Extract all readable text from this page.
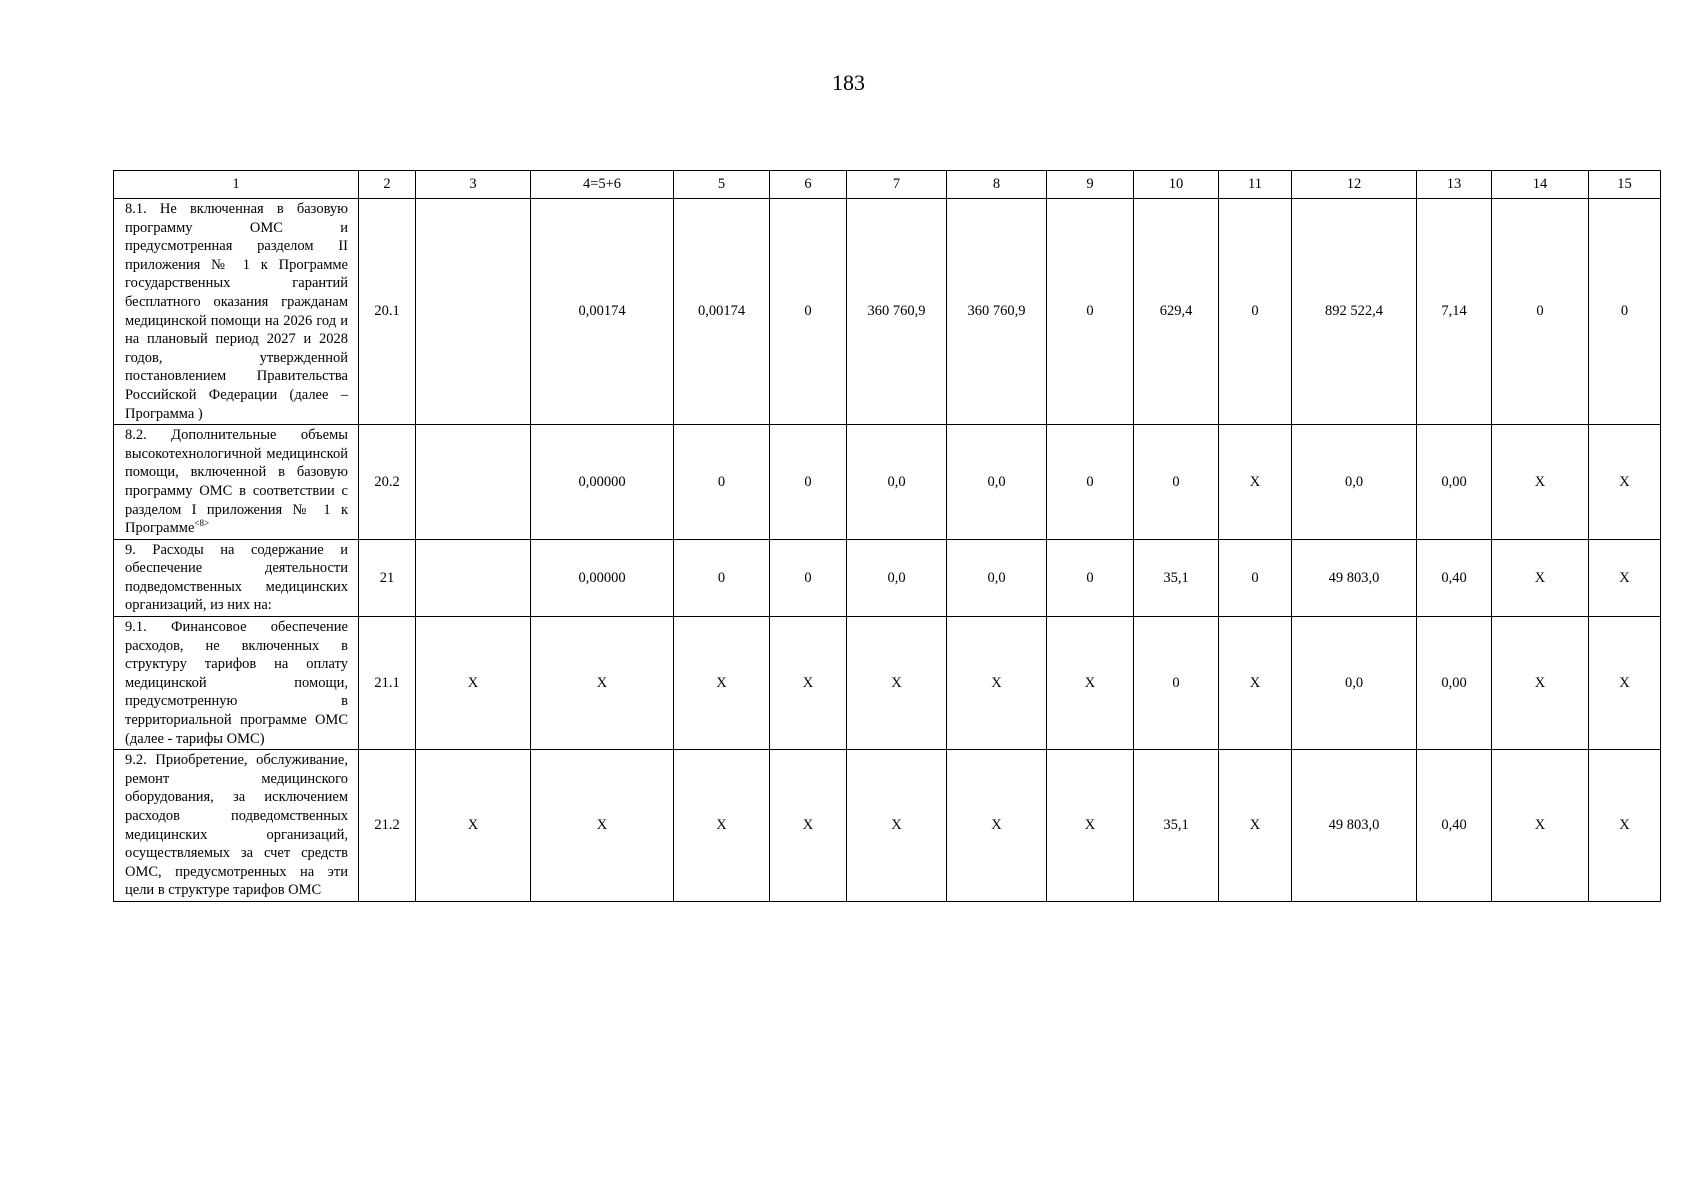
183
1	2	3	4=5+6	5	6	7	8	9	10	11	12	13	14	15
8.1. Не включенная в базовую программу ОМС и предусмотренная разделом II приложения № 1 к Программе государственных гарантий бесплатного оказания гражданам медицинской помощи на 2026 год и на плановый период 2027 и 2028 годов, утвержденной постановлением Правительства Российской Федерации (далее – Программа )	20.1		0,00174	0,00174	0	360 760,9	360 760,9	0	629,4	0	892 522,4	7,14	0	0
8.2. Дополнительные объемы высокотехнологичной медицинской помощи, включенной в базовую программу ОМС в соответствии с разделом I приложения № 1 к Программе$^{<8>}$	20.2		0,00000	0	0	0,0	0,0	0	0	X	0,0	0,00	X	X
9. Расходы на содержание и обеспечение деятельности подведомственных медицинских организаций, из них на:	21		0,00000	0	0	0,0	0,0	0	35,1	0	49 803,0	0,40	X	X
9.1. Финансовое обеспечение расходов, не включенных в структуру тарифов на оплату медицинской помощи, предусмотренную в территориальной программе ОМС (далее - тарифы ОМС)	21.1	X	X	X	X	X	X	X	0	X	0,0	0,00	X	X
9.2. Приобретение, обслуживание, ремонт медицинского оборудования, за исключением расходов подведомственных медицинских организаций, осуществляемых за счет средств ОМС, предусмотренных на эти цели в структуре тарифов ОМС	21.2	X	X	X	X	X	X	X	35,1	X	49 803,0	0,40	X	X
